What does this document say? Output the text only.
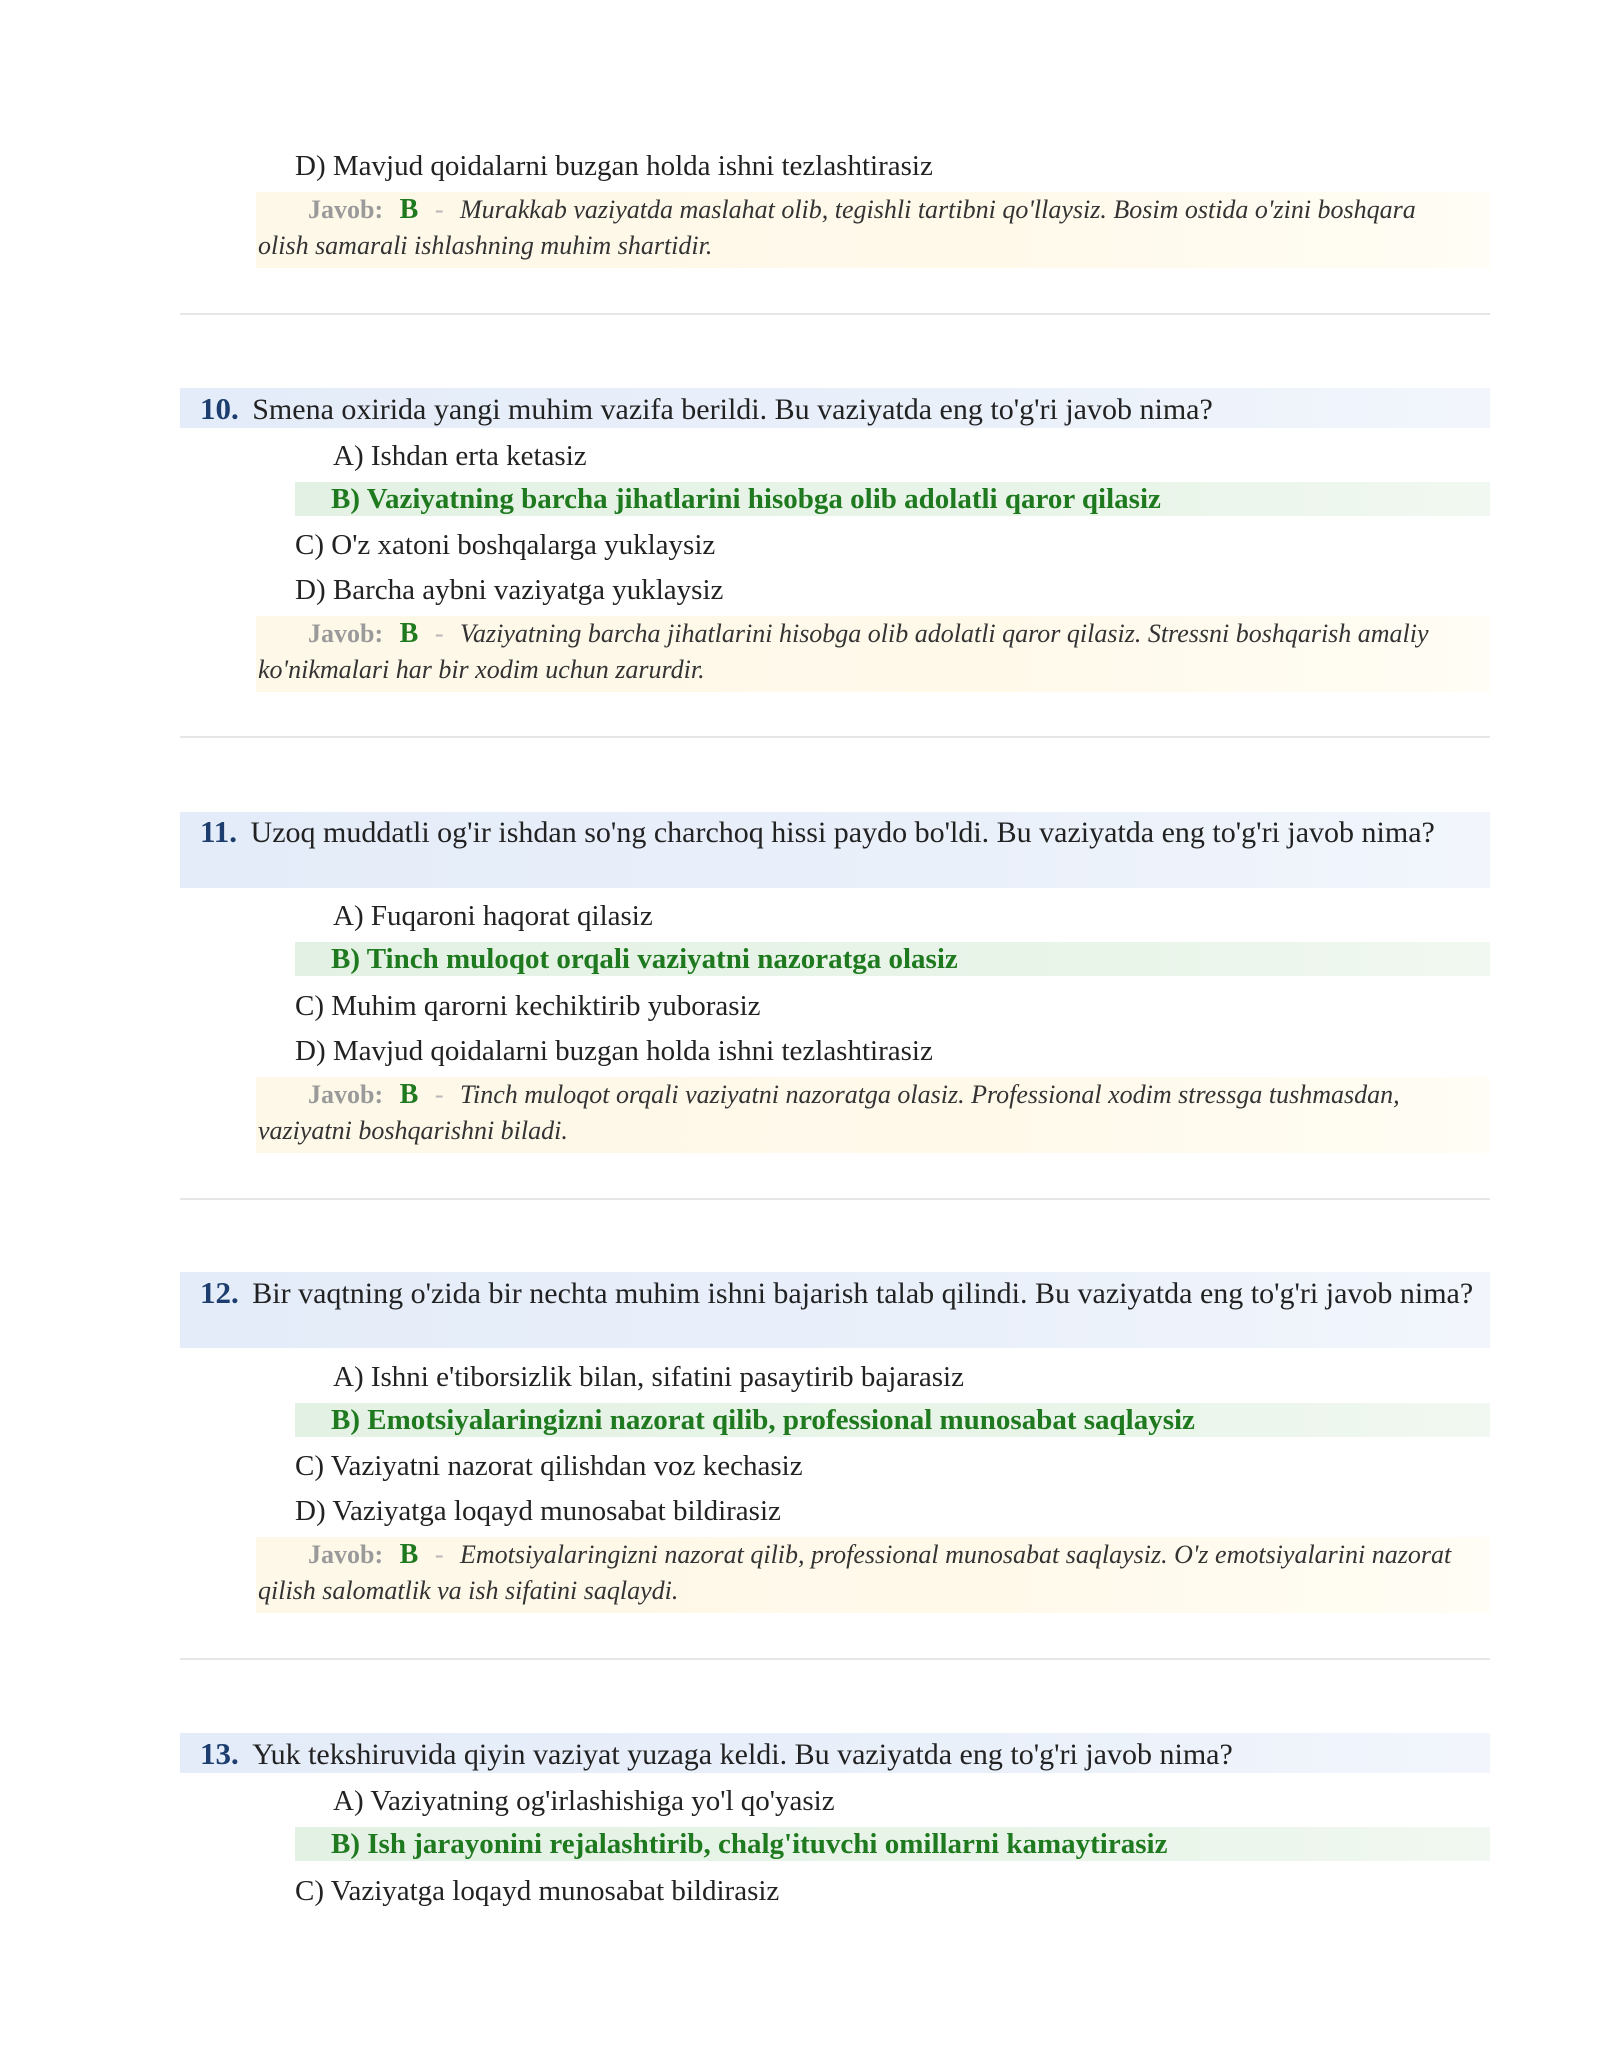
D) Mavjud qoidalarni buzgan holda ishni tezlashtirasiz
Javob: B - Murakkab vaziyatda maslahat olib, tegishli tartibni qo'llaysiz. Bosim ostida o'zini boshqara olish samarali ishlashning muhim shartidir.
10. Smena oxirida yangi muhim vazifa berildi. Bu vaziyatda eng to'g'ri javob nima?
A) Ishdan erta ketasiz
B) Vaziyatning barcha jihatlarini hisobga olib adolatli qaror qilasiz
C) O'z xatoni boshqalarga yuklaysiz
D) Barcha aybni vaziyatga yuklaysiz
Javob: B - Vaziyatning barcha jihatlarini hisobga olib adolatli qaror qilasiz. Stressni boshqarish amaliy ko'nikmalari har bir xodim uchun zarurdir.
11. Uzoq muddatli og'ir ishdan so'ng charchoq hissi paydo bo'ldi. Bu vaziyatda eng to'g'ri javob nima?
A) Fuqaroni haqorat qilasiz
B) Tinch muloqot orqali vaziyatni nazoratga olasiz
C) Muhim qarorni kechiktirib yuborasiz
D) Mavjud qoidalarni buzgan holda ishni tezlashtirasiz
Javob: B - Tinch muloqot orqali vaziyatni nazoratga olasiz. Professional xodim stressga tushmasdan, vaziyatni boshqarishni biladi.
12. Bir vaqtning o'zida bir nechta muhim ishni bajarish talab qilindi. Bu vaziyatda eng to'g'ri javob nima?
A) Ishni e'tiborsizlik bilan, sifatini pasaytirib bajarasiz
B) Emotsiyalaringizni nazorat qilib, professional munosabat saqlaysiz
C) Vaziyatni nazorat qilishdan voz kechasiz
D) Vaziyatga loqayd munosabat bildirasiz
Javob: B - Emotsiyalaringizni nazorat qilib, professional munosabat saqlaysiz. O'z emotsiyalarini nazorat qilish salomatlik va ish sifatini saqlaydi.
13. Yuk tekshiruvida qiyin vaziyat yuzaga keldi. Bu vaziyatda eng to'g'ri javob nima?
A) Vaziyatning og'irlashishiga yo'l qo'yasiz
B) Ish jarayonini rejalashtirib, chalg'ituvchi omillarni kamaytirasiz
C) Vaziyatga loqayd munosabat bildirasiz
